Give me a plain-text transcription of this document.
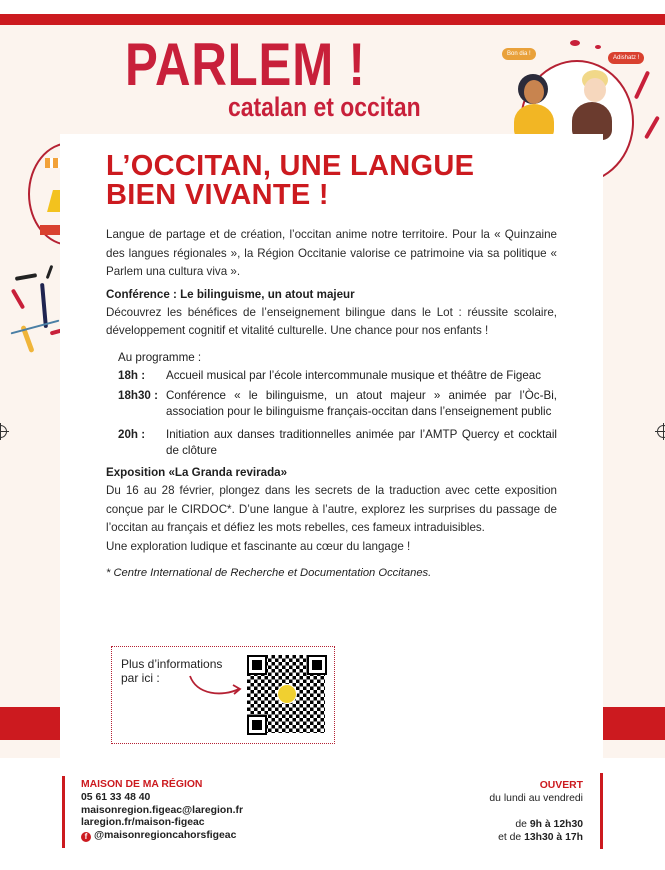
PARLEM !
catalan et occitan
Bon dia !
Adishatz !
L’OCCITAN, UNE LANGUE
BIEN VIVANTE !

Langue de partage et de création, l’occitan anime notre territoire. Pour la « Quinzaine des langues régionales », la Région Occitanie valorise ce patrimoine via sa politique « Parlem una cultura viva ».

Conférence : Le bilinguisme, un atout majeur

Découvrez les bénéfices de l’enseignement bilingue dans le Lot : réussite scolaire, développement cognitif et vitalité culturelle. Une chance pour nos enfants !

Au programme :
18h :	Accueil musical par l’école intercommunale musique et théâtre de Figeac
18h30 : Conférence « le bilinguisme, un atout majeur » animée par l’Òc-Bi, association pour le bilinguisme français-occitan dans l’enseignement public
20h :	Initiation aux danses traditionnelles animée par l’AMTP Quercy et cocktail de clôture
Exposition «La Granda revirada»

Du 16 au 28 février, plongez dans les secrets de la traduction avec cette exposition conçue par le CIRDOC*. D’une langue à l’autre, explorez les surprises du passage de l’occitan au français et défiez les mots rebelles, ces fameux intraduisibles.

Une exploration ludique et fascinante au cœur du langage !

* Centre International de Recherche et Documentation Occitanes.
Plus d’informations
par ici :
MAISON DE MA RÉGION
05 61 33 48 40
maisonregion.figeac@laregion.fr
laregion.fr/maison-figeac
f @maisonregioncahorsfigeac
OUVERT
du lundi au vendredi
de 9h à 12h30
et de 13h30 à 17h
